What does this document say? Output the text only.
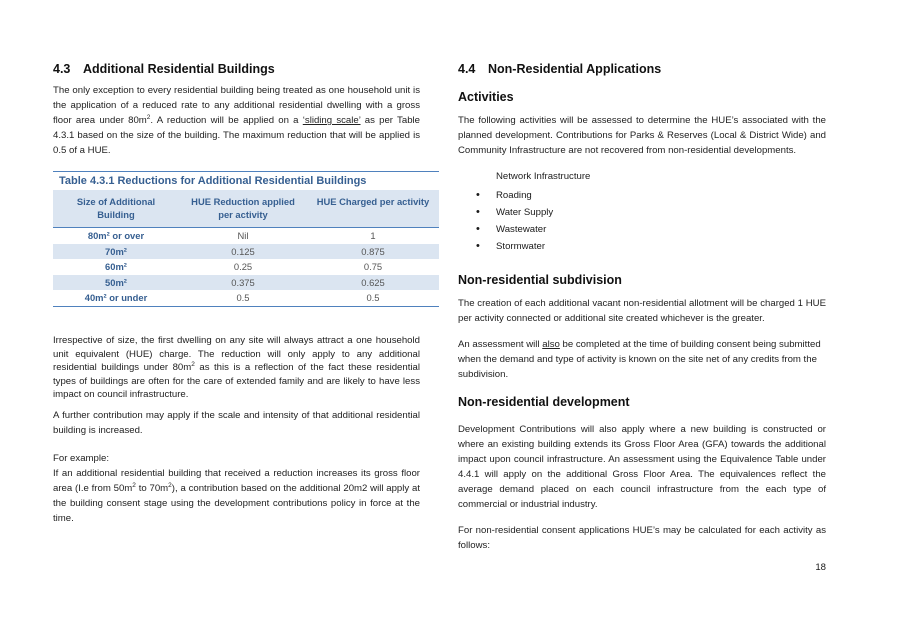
4.3 Additional Residential Buildings

The only exception to every residential building being treated as one household unit is the application of a reduced rate to any additional residential dwelling with a gross floor area under $80m^2$. A reduction will be applied on a ‘sliding scale’ as per Table 4.3.1 based on the size of the building. The maximum reduction that will be applied is 0.5 of a HUE.

Table 4.3.1 Reductions for Additional Residential Buildings
Size of Additional Building	HUE Reduction applied per activity	HUE Charged per activity
80m² or over	Nil	1
70m²	0.125	0.875
60m²	0.25	0.75
50m²	0.375	0.625
40m² or under	0.5	0.5

Irrespective of size, the first dwelling on any site will always attract a one household unit equivalent (HUE) charge. The reduction will only apply to any additional residential buildings under $80m^2$ as this is a reflection of the fact these residential types of buildings are often for the care of extended family and are likely to have less impact on council infrastructure.

A further contribution may apply if the scale and intensity of that additional residential building is increased.

For example:

If an additional residential building that received a reduction increases its gross floor area (I.e from $50m^2$ to $70m^2$), a contribution based on the additional 20m2 will apply at the building consent stage using the development contributions policy in force at the time.

4.4 Non-Residential Applications
Activities

The following activities will be assessed to determine the HUE’s associated with the planned development. Contributions for Parks & Reserves (Local & District Wide) and Community Infrastructure are not recovered from non-residential developments.

Network Infrastructure

• Roading
• Water Supply
• Wastewater
• Stormwater
Non-residential subdivision

The creation of each additional vacant non-residential allotment will be charged 1 HUE per activity connected or additional site created whichever is the greater.

An assessment will also be completed at the time of building consent being submitted when the demand and type of activity is known on the site net of any credits from the subdivision.

Non-residential development

Development Contributions will also apply where a new building is constructed or where an existing building extends its Gross Floor Area (GFA) towards the additional impact upon council infrastructure. An assessment using the Equivalence Table under 4.4.1 will apply on the additional Gross Floor Area. The equivalences reflect the average demand placed on each council infrastructure from the each type of commercial or industrial industry.

For non-residential consent applications HUE’s may be calculated for each activity as follows:

18
